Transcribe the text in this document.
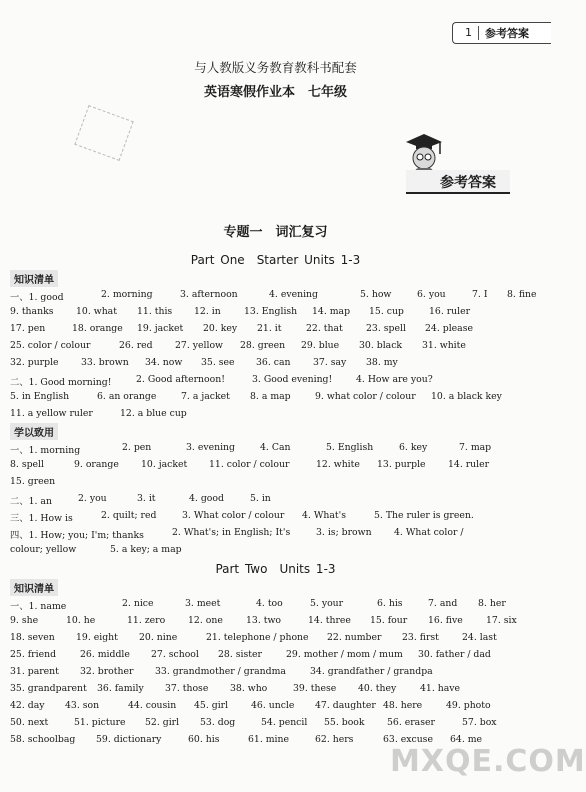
1	参考答案
与人教版义务教育教科书配套
英语寒假作业本　七年级
参考答案
专题一　词汇复习
Part One　Starter Units 1-3
知识清单
学以致用
Part Two　Units 1-3
知识清单
一、1. good	2. morning	3. afternoon	4. evening	5. how	6. you	7. I 8. fine
9. thanks 10. what 11. this 12. in	13. English 14. map 15. cup	16. ruler
17. pen	18. orange 19. jacket 20. key 21. it	22. that	23. spell 24. please
25. color / colour	26. red 27. yellow 28. green 29. blue 30. black 31. white
32. purple 33. brown 34. now 35. see 36. can 37. say 38. my
二、1. Good morning!	2. Good afternoon!	3. Good evening!	4. How are you?
5. in English	6. an orange	7. a jacket 8. a map	9. what color / colour 10. a black key
11. a yellow ruler	12. a blue cup
一、1. morning	2. pen	3. evening	4. Can	5. English	6. key	7. map
8. spell	9. orange 10. jacket 11. color / colour	12. white 13. purple 14. ruler
15. green
二、1. an	2. you	3. it	4. good	5. in
三、1. How is	2. quilt; red	3. What color / colour 4. What's	5. The ruler is green.
四、1. How; you; I'm; thanks	2. What's; in English; It's	3. is; brown 4. What color /
colour; yellow	5. a key; a map
一、1. name	2. nice	3. meet	4. too	5. your	6. his	7. and 8. her
9. she	10. he	11. zero 12. one 13. two	14. three 15. four 16. five	17. six
18. seven 19. eight 20. nine	21. telephone / phone 22. number 23. first 24. last
25. friend	26. middle 27. school 28. sister	29. mother / mom / mum 30. father / dad
31. parent 32. brother 33. grandmother / grandma	34. grandfather / grandpa
35. grandparent 36. family 37. those 38. who	39. these 40. they	41. have
42. day 43. son	44. cousin 45. girl 46. uncle 47. daughter 48. here	49. photo
50. next	51. picture 52. girl 53. dog	54. pencil 55. book 56. eraser	57. box
58. schoolbag 59. dictionary	60. his	61. mine	62. hers	63. excuse 64. me
MXQE.COM
